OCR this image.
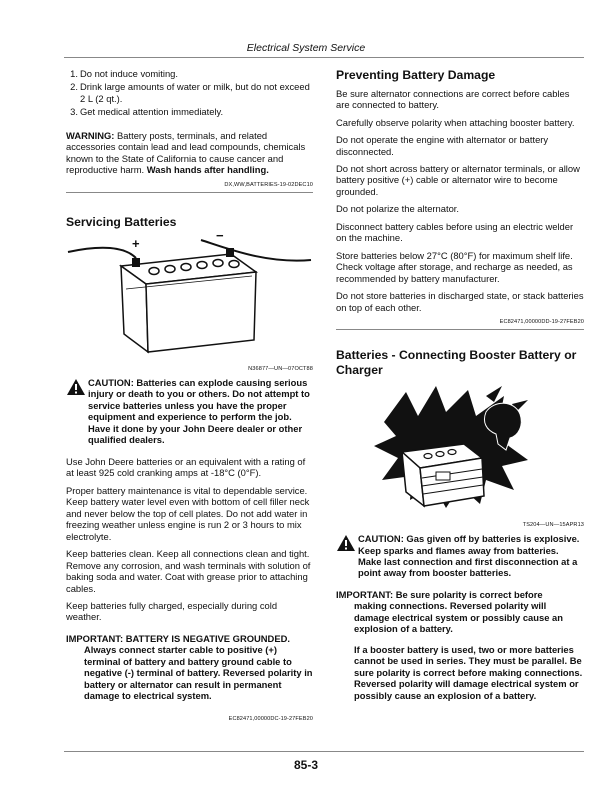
Electrical System Service
1. Do not induce vomiting.
2. Drink large amounts of water or milk, but do not exceed 2 L (2 qt.).
3. Get medical attention immediately.

WARNING: Battery posts, terminals, and related accessories contain lead and lead compounds, chemicals known to the State of California to cause cancer and reproductive harm. Wash hands after handling.

DX,WW,BATTERIES-19-02DEC10
Servicing Batteries
+
−
N36877—UN—07OCT88
CAUTION: Batteries can explode causing serious injury or death to you or others. Do not attempt to service batteries unless you have the proper equipment and experience to perform the job. Have it done by your John Deere dealer or other qualified dealers.

Use John Deere batteries or an equivalent with a rating of at least 925 cold cranking amps at -18°C (0°F).

Proper battery maintenance is vital to dependable service. Keep battery water level even with bottom of cell filler neck and never below the top of cell plates. Do not add water in freezing weather unless engine is run 2 or 3 hours to mix electrolyte.

Keep batteries clean. Keep all connections clean and tight. Remove any corrosion, and wash terminals with solution of baking soda and water. Coat with grease prior to attaching cables.

Keep batteries fully charged, especially during cold weather.

IMPORTANT: BATTERY IS NEGATIVE GROUNDED.

Always connect starter cable to positive (+) terminal of battery and battery ground cable to negative (-) terminal of battery. Reversed polarity in battery or alternator can result in permanent damage to electrical system.

EC82471,00000DC-19-27FEB20
Preventing Battery Damage

Be sure alternator connections are correct before cables are connected to battery.

Carefully observe polarity when attaching booster battery.

Do not operate the engine with alternator or battery disconnected.

Do not short across battery or alternator terminals, or allow battery positive (+) cable or alternator wire to become grounded.

Do not polarize the alternator.

Disconnect battery cables before using an electric welder on the machine.

Store batteries below 27°C (80°F) for maximum shelf life. Check voltage after storage, and recharge as needed, as recommended by battery manufacturer.

Do not store batteries in discharged state, or stack batteries on top of each other.

EC82471,00000DD-19-27FEB20
Batteries - Connecting Booster Battery or Charger
TS204—UN—15APR13
CAUTION: Gas given off by batteries is explosive. Keep sparks and flames away from batteries. Make last connection and first disconnection at a point away from booster batteries.

IMPORTANT: Be sure polarity is correct before

making connections. Reversed polarity will damage electrical system or possibly cause an explosion of a battery.

If a booster battery is used, two or more batteries cannot be used in series. They must be parallel. Be sure polarity is correct before making connections. Reversed polarity will damage electrical system or possibly cause an explosion of a battery.

85-3
